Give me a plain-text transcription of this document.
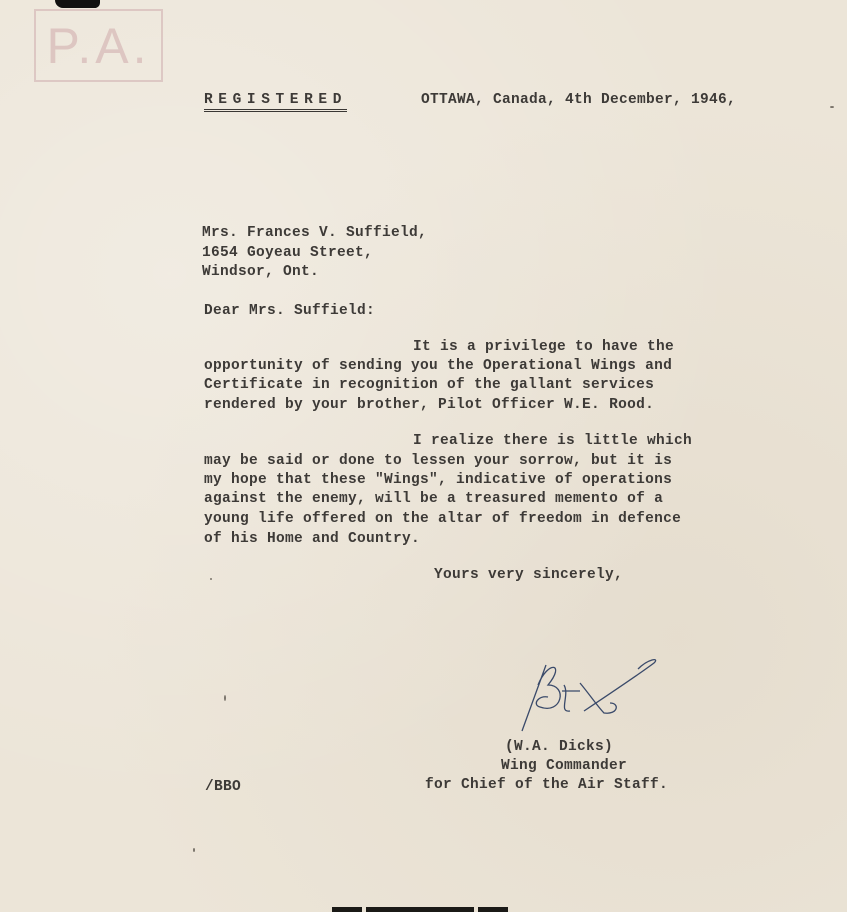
P.A.
REGISTERED	OTTAWA, Canada, 4th December, 1946,
Mrs. Frances V. Suffield,
1654 Goyeau Street,
Windsor, Ont.
Dear Mrs. Suffield:
It is a privilege to have the
opportunity of sending you the Operational Wings and
Certificate in recognition of the gallant services
rendered by your brother, Pilot Officer W.E. Rood.
I realize there is little which
may be said or done to lessen your sorrow, but it is
my hope that these "Wings", indicative of operations
against the enemy, will be a treasured memento of a
young life offered on the altar of freedom in defence
of his Home and Country.
Yours very sincerely,
(W.A. Dicks)
Wing Commander
for Chief of the Air Staff.
/BBO
